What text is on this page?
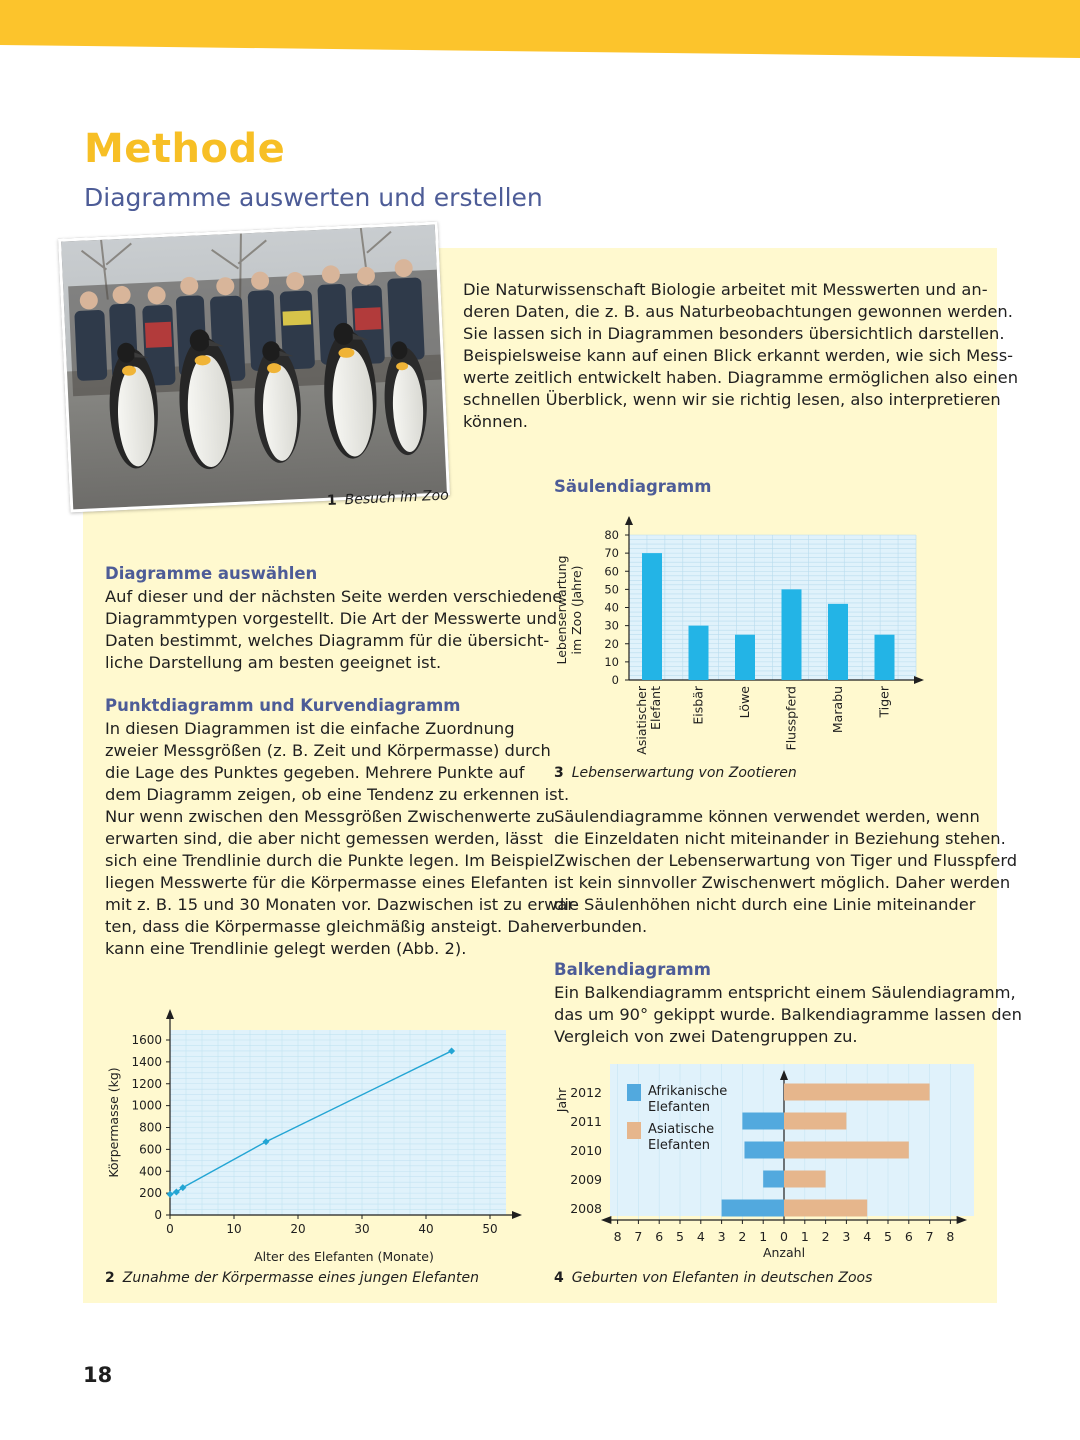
Methode
Diagramme auswerten und erstellen
1 Besuch im Zoo
Die Naturwissenschaft Biologie arbeitet mit Messwerten und an-
deren Daten, die z. B. aus Naturbeobachtungen gewonnen werden.
Sie lassen sich in Diagrammen besonders übersichtlich darstellen.
Beispielsweise kann auf einen Blick erkannt werden, wie sich Mess-
werte zeitlich entwickelt haben. Diagramme ermöglichen also einen
schnellen Überblick, wenn wir sie richtig lesen, also interpretieren
können.
Diagramme auswählen
Auf dieser und der nächsten Seite werden verschiedene
Diagrammtypen vorgestellt. Die Art der Messwerte und
Daten bestimmt, welches Diagramm für die übersicht-
liche Darstellung am besten geeignet ist.
Punktdiagramm und Kurvendiagramm
In diesen Diagrammen ist die einfache Zuordnung
zweier Messgrößen (z. B. Zeit und Körpermasse) durch
die Lage des Punktes gegeben. Mehrere Punkte auf
dem Diagramm zeigen, ob eine Tendenz zu erkennen ist.
Nur wenn zwischen den Messgrößen Zwischenwerte zu
erwarten sind, die aber nicht gemessen werden, lässt
sich eine Trendlinie durch die Punkte legen. Im Beispiel
liegen Messwerte für die Körpermasse eines Elefanten
mit z. B. 15 und 30 Monaten vor. Dazwischen ist zu erwar-
ten, dass die Körpermasse gleichmäßig ansteigt. Daher
kann eine Trendlinie gelegt werden (Abb. 2).
Säulendiagramm
0
10
20
30
40
50
60
70
80
Lebenserwartungim Zoo (Jahre)
AsiatischerElefant Eisbär	Löwe	Flusspferd	Marabu	Tiger
3 Lebenserwartung von Zootieren
Säulendiagramme können verwendet werden, wenn
die Einzeldaten nicht miteinander in Beziehung stehen.
Zwischen der Lebenserwartung von Tiger und Flusspferd
ist kein sinnvoller Zwischenwert möglich. Daher werden
die Säulenhöhen nicht durch eine Linie miteinander
verbunden.
Balkendiagramm
Ein Balkendiagramm entspricht einem Säulendiagramm,
das um 90° gekippt wurde. Balkendiagramme lassen den
Vergleich von zwei Datengruppen zu.
0
200
400
600
800
1000
1200
1400
1600
0	10	20	30	40	50
Alter des Elefanten (Monate)
Körpermasse (kg)
2 Zunahme der Körpermasse eines jungen Elefanten
8 7 6 5 4 3 2 1 0 1 2 3 4 5 6 7 8
Anzahl
Jahr 2012
2011
2010
2009
2008
Afrikanische Elefanten
Asiatische Elefanten
4 Geburten von Elefanten in deutschen Zoos
18
